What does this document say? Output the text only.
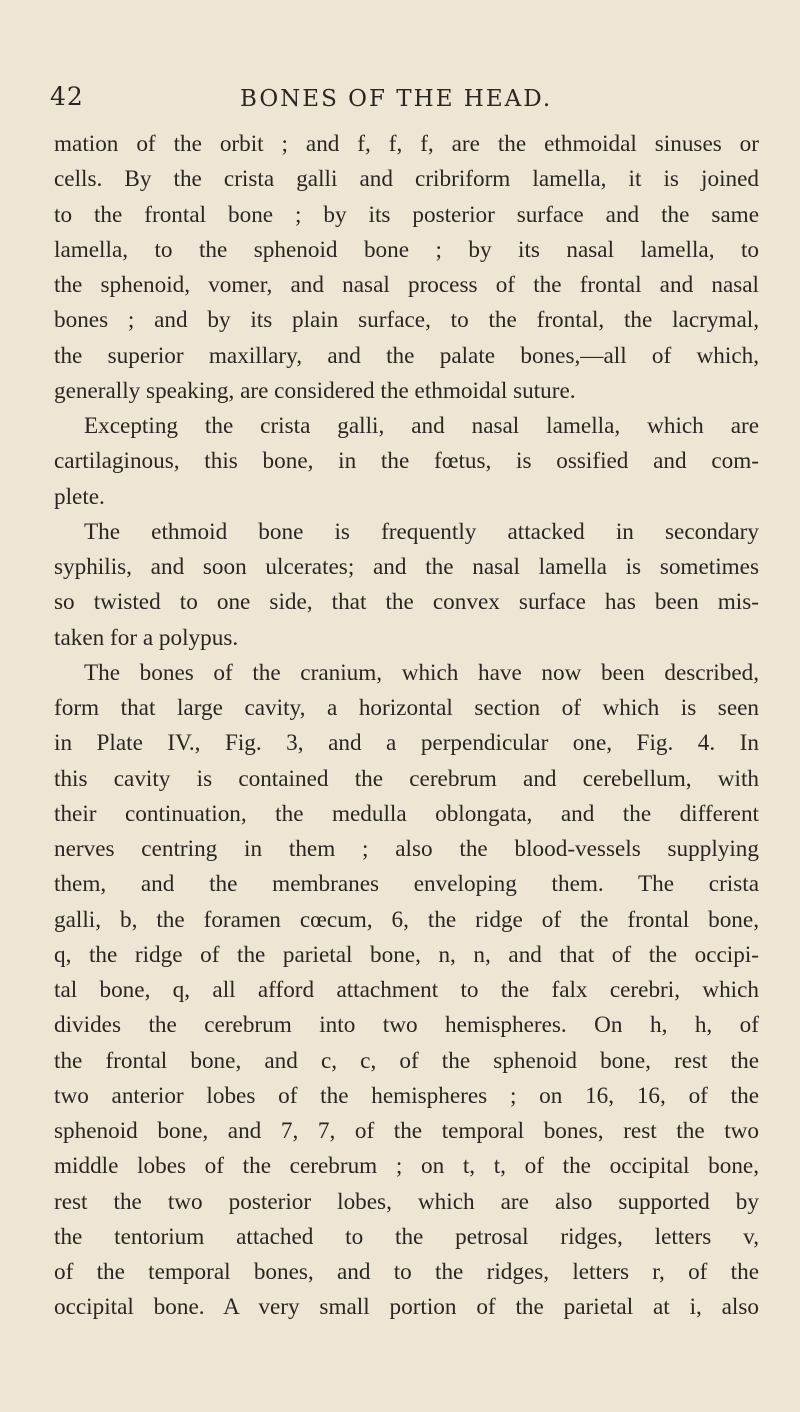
42	BONES OF THE HEAD.
mation of the orbit ; and f, f, f, are the ethmoidal sinuses or
cells. By the crista galli and cribriform lamella, it is joined
to the frontal bone ; by its posterior surface and the same
lamella, to the sphenoid bone ; by its nasal lamella, to
the sphenoid, vomer, and nasal process of the frontal and nasal
bones ; and by its plain surface, to the frontal, the lacrymal,
the superior maxillary, and the palate bones,—all of which,
generally speaking, are considered the ethmoidal suture.
Excepting the crista galli, and nasal lamella, which are
cartilaginous, this bone, in the fœtus, is ossified and com-
plete.
The ethmoid bone is frequently attacked in secondary
syphilis, and soon ulcerates; and the nasal lamella is sometimes
so twisted to one side, that the convex surface has been mis-
taken for a polypus.
The bones of the cranium, which have now been described,
form that large cavity, a horizontal section of which is seen
in Plate IV., Fig. 3, and a perpendicular one, Fig. 4. In
this cavity is contained the cerebrum and cerebellum, with
their continuation, the medulla oblongata, and the different
nerves centring in them ; also the blood-vessels supplying
them, and the membranes enveloping them. The crista
galli, b, the foramen cœcum, 6, the ridge of the frontal bone,
q, the ridge of the parietal bone, n, n, and that of the occipi-
tal bone, q, all afford attachment to the falx cerebri, which
divides the cerebrum into two hemispheres. On h, h, of
the frontal bone, and c, c, of the sphenoid bone, rest the
two anterior lobes of the hemispheres ; on 16, 16, of the
sphenoid bone, and 7, 7, of the temporal bones, rest the two
middle lobes of the cerebrum ; on t, t, of the occipital bone,
rest the two posterior lobes, which are also supported by
the tentorium attached to the petrosal ridges, letters v,
of the temporal bones, and to the ridges, letters r, of the
occipital bone. A very small portion of the parietal at i, also
